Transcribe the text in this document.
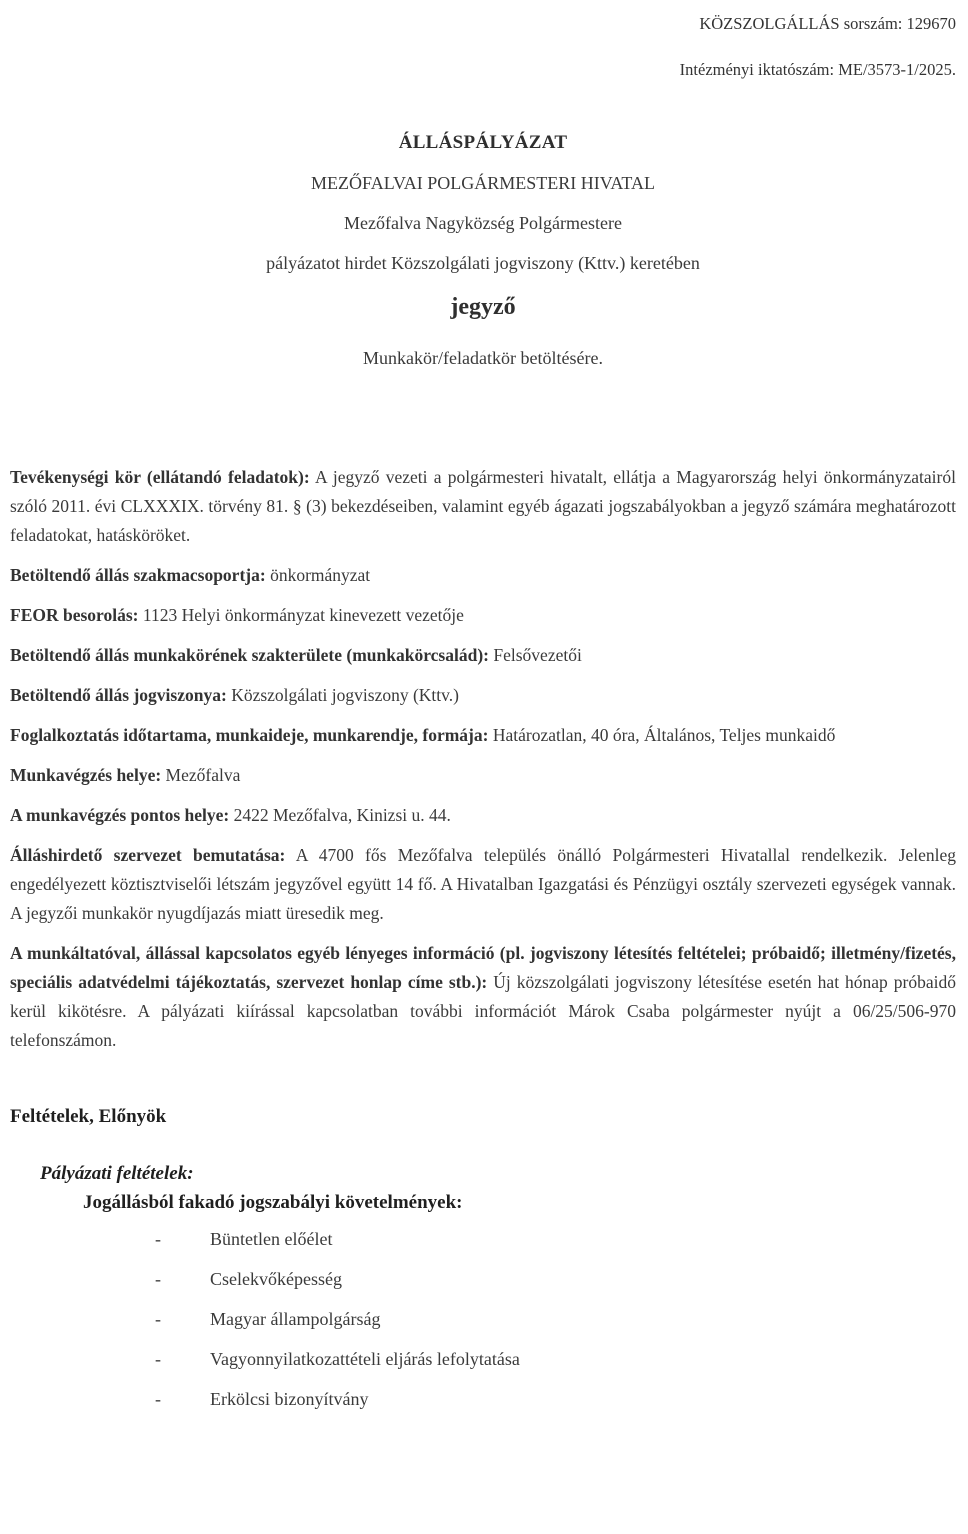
KÖZSZOLGÁLLÁS sorszám: 129670
Intézményi iktatószám: ME/3573-1/2025.
ÁLLÁSPÁLYÁZAT
MEZŐFALVAI POLGÁRMESTERI HIVATAL
Mezőfalva Nagyközség Polgármestere
pályázatot hirdet Közszolgálati jogviszony (Kttv.) keretében
jegyző
Munkakör/feladatkör betöltésére.

Tevékenységi kör (ellátandó feladatok): A jegyző vezeti a polgármesteri hivatalt, ellátja a Magyarország helyi önkormányzatairól szóló 2011. évi CLXXXIX. törvény 81. § (3) bekezdéseiben, valamint egyéb ágazati jogszabályokban a jegyző számára meghatározott feladatokat, hatásköröket.

Betöltendő állás szakmacsoportja: önkormányzat

FEOR besorolás: 1123 Helyi önkormányzat kinevezett vezetője

Betöltendő állás munkakörének szakterülete (munkakörcsalád): Felsővezetői

Betöltendő állás jogviszonya: Közszolgálati jogviszony (Kttv.)

Foglalkoztatás időtartama, munkaideje, munkarendje, formája: Határozatlan, 40 óra, Általános, Teljes munkaidő

Munkavégzés helye: Mezőfalva

A munkavégzés pontos helye: 2422 Mezőfalva, Kinizsi u. 44.

Álláshirdető szervezet bemutatása: A 4700 fős Mezőfalva település önálló Polgármesteri Hivatallal rendelkezik. Jelenleg engedélyezett köztisztviselői létszám jegyzővel együtt 14 fő. A Hivatalban Igazgatási és Pénzügyi osztály szervezeti egységek vannak. A jegyzői munkakör nyugdíjazás miatt üresedik meg.

A munkáltatóval, állással kapcsolatos egyéb lényeges információ (pl. jogviszony létesítés feltételei; próbaidő; illetmény/fizetés, speciális adatvédelmi tájékoztatás, szervezet honlap címe stb.): Új közszolgálati jogviszony létesítése esetén hat hónap próbaidő kerül kikötésre. A pályázati kiírással kapcsolatban további információt Márok Csaba polgármester nyújt a 06/25/506-970 telefonszámon.

Feltételek, Előnyök
Pályázati feltételek:
Jogállásból fakadó jogszabályi követelmények:
-	Büntetlen előélet
-	Cselekvőképesség
-	Magyar állampolgárság
-	Vagyonnyilatkozattételi eljárás lefolytatása
-	Erkölcsi bizonyítvány
